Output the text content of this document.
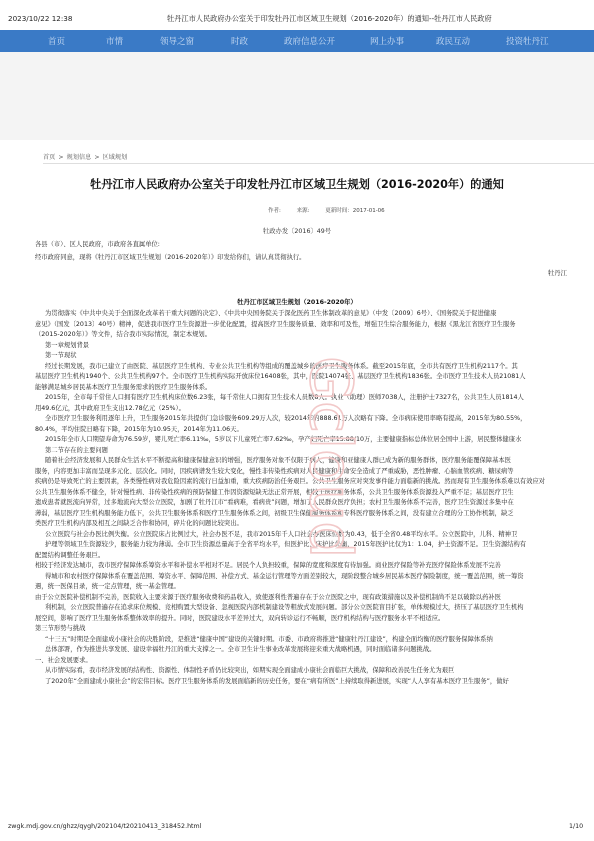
2023/10/22 12:38	牡丹江市人民政府办公室关于印发牡丹江市区域卫生规划（2016-2020年）的通知--牡丹江市人民政府
首页	市情	领导之窗	时政	政府信息公开	网上办事	政民互动	投资牡丹江
首页 > 规划信息 > 区域规划
牡丹江市人民政府办公室关于印发牡丹江市区域卫生规划（2016-2020年）的通知
作者:	来源:	更新时间：2017-01-06
牡政办发〔2016〕49号
各县（市）、区人民政府，市政府各直属单位:
经市政府同意，现将《牡丹江市区域卫生规划（2016-2020年）》印发给你们，请认真贯彻执行。
牡丹江
牡丹江市区域卫生规划（2016-2020年）
为贯彻落实《中共中央关于全面深化改革若干重大问题的决定》、《中共中央国务院关于深化医药卫生体制改革的意见》（中发〔2009〕6号）、《国务院关于促进健康
意见》（国发〔2013〕40号）精神，促进我市医疗卫生资源进一步优化配置，提高医疗卫生服务质量、效率和可及性，增强卫生综合服务能力，根据《黑龙江省医疗卫生服务
（2015-2020年）》等文件，结合我市实际情况，制定本规划。
第一章规划背景
第一节现状
经过长期发展，我市已建立了由医院、基层医疗卫生机构、专业公共卫生机构等组成的覆盖城乡的医疗卫生服务体系。截至2015年底，全市共有医疗卫生机构2117个。其
基层医疗卫生机构1940个、公共卫生机构97个。全市医疗卫生机构实际开放床位16408张，其中，医院14074张、基层医疗卫生机构1836张。全市医疗卫生技术人员21081人
能够满足城乡居民基本医疗卫生服务需求的医疗卫生服务体系。
2015年，全市每千常住人口拥有医疗卫生机构床位数6.23张，每千常住人口拥有卫生技术人员数8人。执业（助理）医师7038人，注册护士7327名，公共卫生人员1814人
用49.6亿元，其中政府卫生支出12.78亿元（25%）。
全市医疗卫生服务利用逐年上升，卫生服务2015年共提供门急诊服务609.29万人次，较2014年的888.61万人次略有下降。全市病床使用率略有提高，2015年为80.55%，
80.4%，平均住院日略有下降，2015年为10.95天，2014年为11.06天。
2015年全市人口期望寿命为76.59岁，婴儿死亡率6.11‰，5岁以下儿童死亡率7.62‰，孕产妇死亡率15.88/10万，主要健康指标总体位居全国中上游，居民整体健康水
第二节存在的主要问题
随着社会经济发展和人民群众生活水平不断提高和健康保健意识的增强，医疗服务对象不仅限于病人，健康和亚健康人群已成为新的服务群体，医疗服务能覆保障基本医
服务，内容更加丰富而呈现多元化、层次化。同时，因疾病谱发生较大变化，慢性非传染性疾病对人民健康和生命安全造成了严重威胁，恶性肿瘤、心脑血管疾病、糖尿病等
疾病仍是导致死亡的主要因素，各类慢性病对我危险因素的流行日益加重，重大疾病防治任务艰巨。公共卫生服务应对突发事件能力面临新的挑战。然而现有卫生服务体系难以有效应对
公共卫生服务体系不健全，针对慢性病、非传染性疾病的预防保健工作因资源短缺无法正常开展，相较于医疗服务体系，公共卫生服务体系资源投入严重不足；基层医疗卫生
遗成患者就医流向异常，过多地流向大型公立医院，加剧了牡丹江市“看病难，看病贵”问题，增加了人民群众医疗负担；农村卫生服务体系不完善，医疗卫生资源过多集中在
薄弱，基层医疗卫生机构服务能力低下，公共卫生服务体系和医疗卫生服务体系之间，初级卫生保健服务体系和专科医疗服务体系之间，没有建立合理的分工协作机制，缺乏
类医疗卫生机构内部及相互之间缺乏合作和协同，碎片化的问题比较突出。
公立医院与社会办医比例失衡。公立医院床占比例过大，社会办医不足，我市2015年千人口社会办医床位数为0.43，低于全省0.48平均水平。公立医院中，儿科、精神卫
护理等领域卫生资源较少，服务能力较为薄弱。全市卫生资源总量高于全省平均水平，但医护比、床护比失衡，2015年医护比仅为1：1.04，护士资源不足。卫生资源结构有
配置结构调整任务艰巨。
相较于经济发达城市，我市医疗保障体系筹资水平和补偿水平相对不足。居民个人负担较重，保障的宽度和深度有待加强。商业医疗保险等补充医疗保险体系发展不完善
得城市和农村医疗保障体系在覆盖范围、筹资水平、保障范围、补偿方式、基金运行管理等方面差别较大，现阶段整合城乡居民基本医疗保险制度，统一覆盖范围，统一筹资
遇，统一医保目录，统一定点管理，统一基金管理。
由于公立医院补偿机制不完善，医院收入主要来源于医疗服务收费和药品收入，致使逐利性普遍存在于公立医院之中，现有政策措施以及补偿机制尚不足以破除以药补医
利机制，公立医院普遍存在追求床位规模、竞相购置大型设备、忽视医院内部机制建设等粗放式发展问题。部分公立医院盲目扩张，单体规模过大，挤压了基层医疗卫生机构
展空间，影响了医疗卫生服务体系整体效率的提升。同时，医院建设水平差异过大，双向转诊运行不畅顺，医疗机构结构与医疗服务水平不相适应。
第三节形势与挑战
“十三五”时期是全面建成小康社会的决胜阶段，是推进“健康中国”建设的关键时期。市委、市政府将推进“健康牡丹江建设”，构建全面均衡的医疗服务保障体系纳
总体部署，作为推进共享发展、建设幸福牡丹江的重大支撑之一。全市卫生计生事业改革发展将迎来重大战略机遇，同时面临诸多问题挑战。
一、社会发展要求。
从市情实际看，我市经济发展的结构性、资源性、体制性矛盾仍比较突出，如期实现全面建成小康社会面临巨大挑战，保障和改善民生任务尤为艰巨
了2020年“全面建成小康社会”的宏伟目标。医疗卫生服务体系的发展面临新的历史任务，要在“病有所医”上持续取得新进展，实现“人人享有基本医疗卫生服务”，做好
Gcloud
zwgk.mdj.gov.cn/ghzz/qygh/202104/t20210413_318452.html	1/10
